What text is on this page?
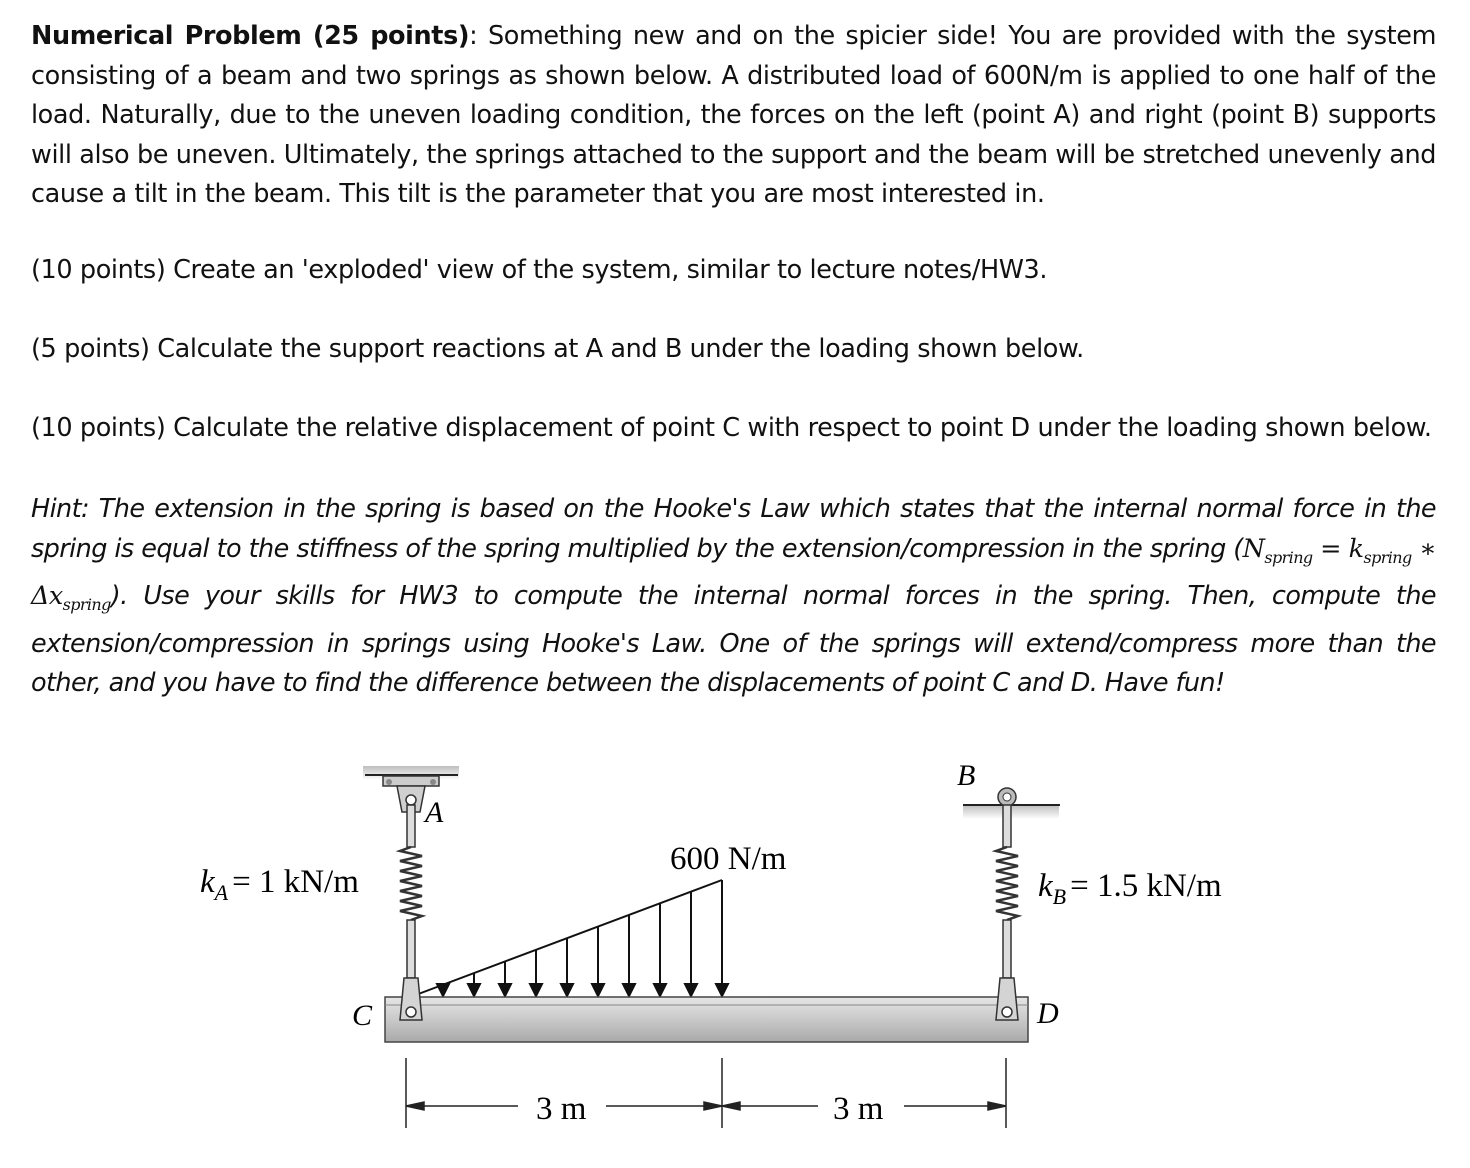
Numerical Problem (25 points): Something new and on the spicier side! You are provided with the system consisting of a beam and two springs as shown below. A distributed load of 600N/m is applied to one half of the load. Naturally, due to the uneven loading condition, the forces on the left (point A) and right (point B) supports will also be uneven. Ultimately, the springs attached to the support and the beam will be stretched unevenly and cause a tilt in the beam. This tilt is the parameter that you are most interested in.
(10 points) Create an 'exploded' view of the system, similar to lecture notes/HW3.
(5 points) Calculate the support reactions at A and B under the loading shown below.
(10 points) Calculate the relative displacement of point C with respect to point D under the loading shown below.
Hint: The extension in the spring is based on the Hooke's Law which states that the internal normal force in the spring is equal to the stiffness of the spring multiplied by the extension/compression in the spring ($N_{spring} = k_{spring}$ ∗ $\Delta x_{spring}$). Use your skills for HW3 to compute the internal normal forces in the spring. Then, compute the extension/compression in springs using Hooke's Law. One of the springs will extend/compress more than the other, and you have to find the difference between the displacements of point C and D. Have fun!
A
B
$k_A = 1$ kN/m	$k_B = 1.5$ kN/m
600 N/m
C	D
3 m	3 m
